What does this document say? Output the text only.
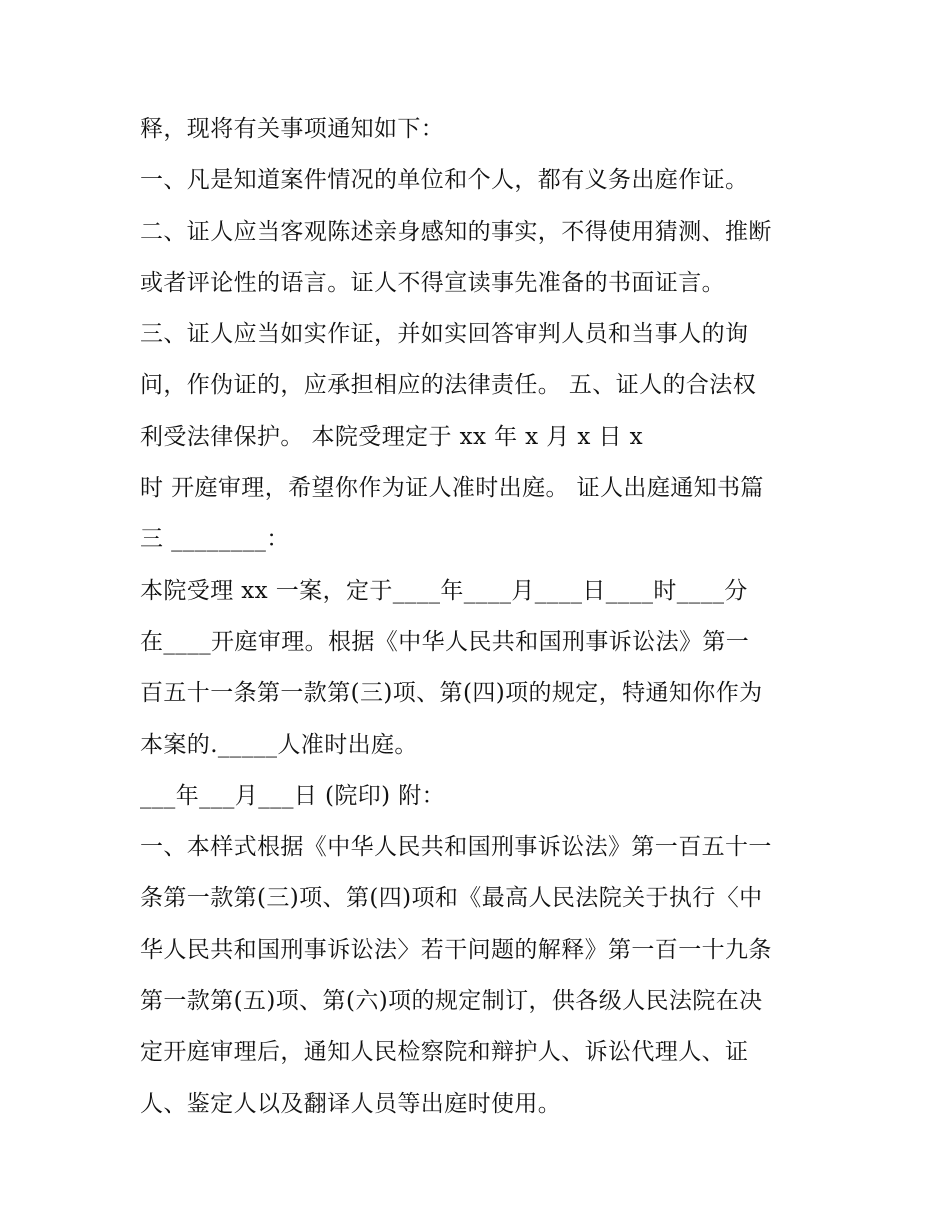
释，现将有关事项通知如下：
一、凡是知道案件情况的单位和个人，都有义务出庭作证。
二、证人应当客观陈述亲身感知的事实，不得使用猜测、推断
或者评论性的语言。证人不得宣读事先准备的书面证言。
三、证人应当如实作证，并如实回答审判人员和当事人的询
问，作伪证的，应承担相应的法律责任。 五、证人的合法权
利受法律保护。 本院受理定于 xx 年 x 月 x 日 x
时 开庭审理，希望你作为证人准时出庭。 证人出庭通知书篇
三 ________：
本院受理 xx 一案，定于____年____月____日____时____分
在____开庭审理。根据《中华人民共和国刑事诉讼法》第一
百五十一条第一款第(三)项、第(四)项的规定，特通知你作为
本案的._____人准时出庭。
___年___月___日 (院印) 附：
一、本样式根据《中华人民共和国刑事诉讼法》第一百五十一
条第一款第(三)项、第(四)项和《最高人民法院关于执行〈中
华人民共和国刑事诉讼法〉若干问题的解释》第一百一十九条
第一款第(五)项、第(六)项的规定制订，供各级人民法院在决
定开庭审理后，通知人民检察院和辩护人、诉讼代理人、证
人、鉴定人以及翻译人员等出庭时使用。
